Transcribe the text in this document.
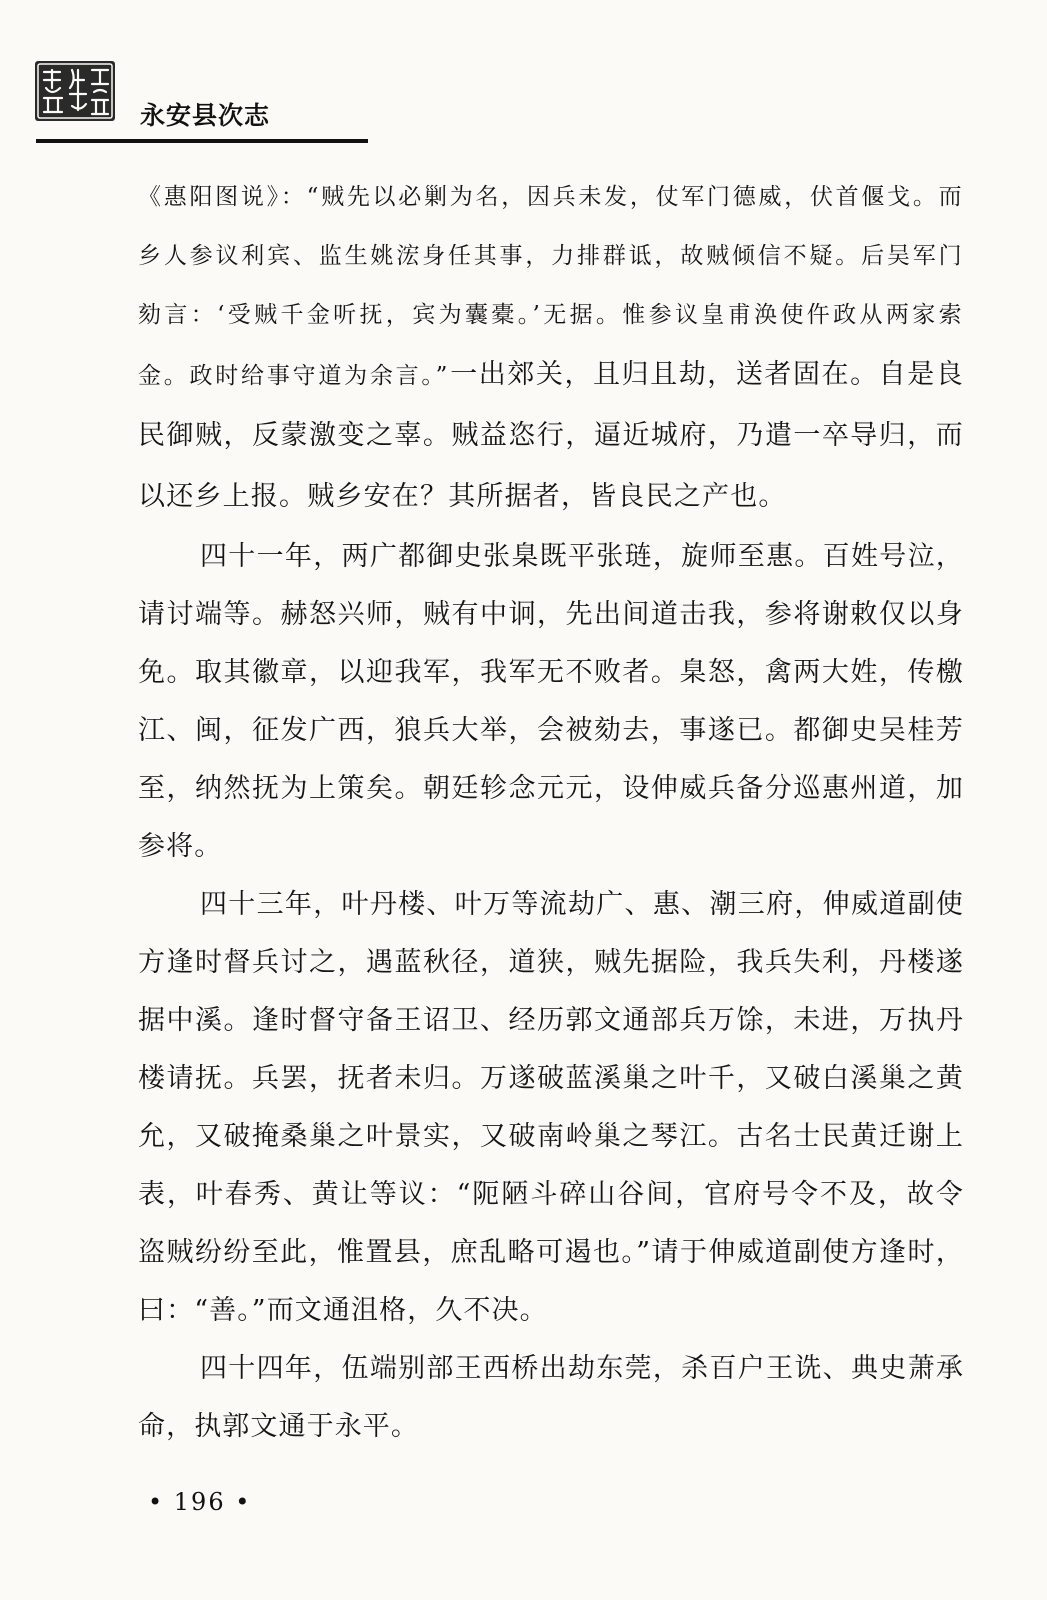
永安县次志

《惠阳图说》：“贼先以必剿为名，因兵未发，仗军门德威，伏首偃戈。而乡人参议利宾、监生姚浤身任其事，力排群诋，故贼倾信不疑。后吴军门劾言：‘受贼千金听抚，宾为囊橐。’无据。惟参议皇甫涣使仵政从两家索金。政时给事守道为余言。”一出郊关，且归且劫，送者固在。自是良民御贼，反蒙激变之辜。贼益恣行，逼近城府，乃遣一卒导归，而以还乡上报。贼乡安在？其所据者，皆良民之产也。

四十一年，两广都御史张臬既平张琏，旋师至惠。百姓号泣，请讨端等。赫怒兴师，贼有中诇，先出间道击我，参将谢敕仅以身免。取其徽章，以迎我军，我军无不败者。臬怒，禽两大姓，传檄江、闽，征发广西，狼兵大举，会被劾去，事遂已。都御史吴桂芳至，纳然抚为上策矣。朝廷轸念元元，设伸威兵备分巡惠州道，加参将。

四十三年，叶丹楼、叶万等流劫广、惠、潮三府，伸威道副使方逢时督兵讨之，遇蓝秋径，道狭，贼先据险，我兵失利，丹楼遂据中溪。逢时督守备王诏卫、经历郭文通部兵万馀，未进，万执丹楼请抚。兵罢，抚者未归。万遂破蓝溪巢之叶千，又破白溪巢之黄允，又破掩桑巢之叶景实，又破南岭巢之琴江。古名士民黄迁谢上表，叶春秀、黄让等议：“阨陋斗碎山谷间，官府号令不及，故令盗贼纷纷至此，惟置县，庶乱略可遏也。”请于伸威道副使方逢时，曰：“善。”而文通沮格，久不决。

四十四年，伍端别部王西桥出劫东莞，杀百户王诜、典史萧承命，执郭文通于永平。

• 196 •
